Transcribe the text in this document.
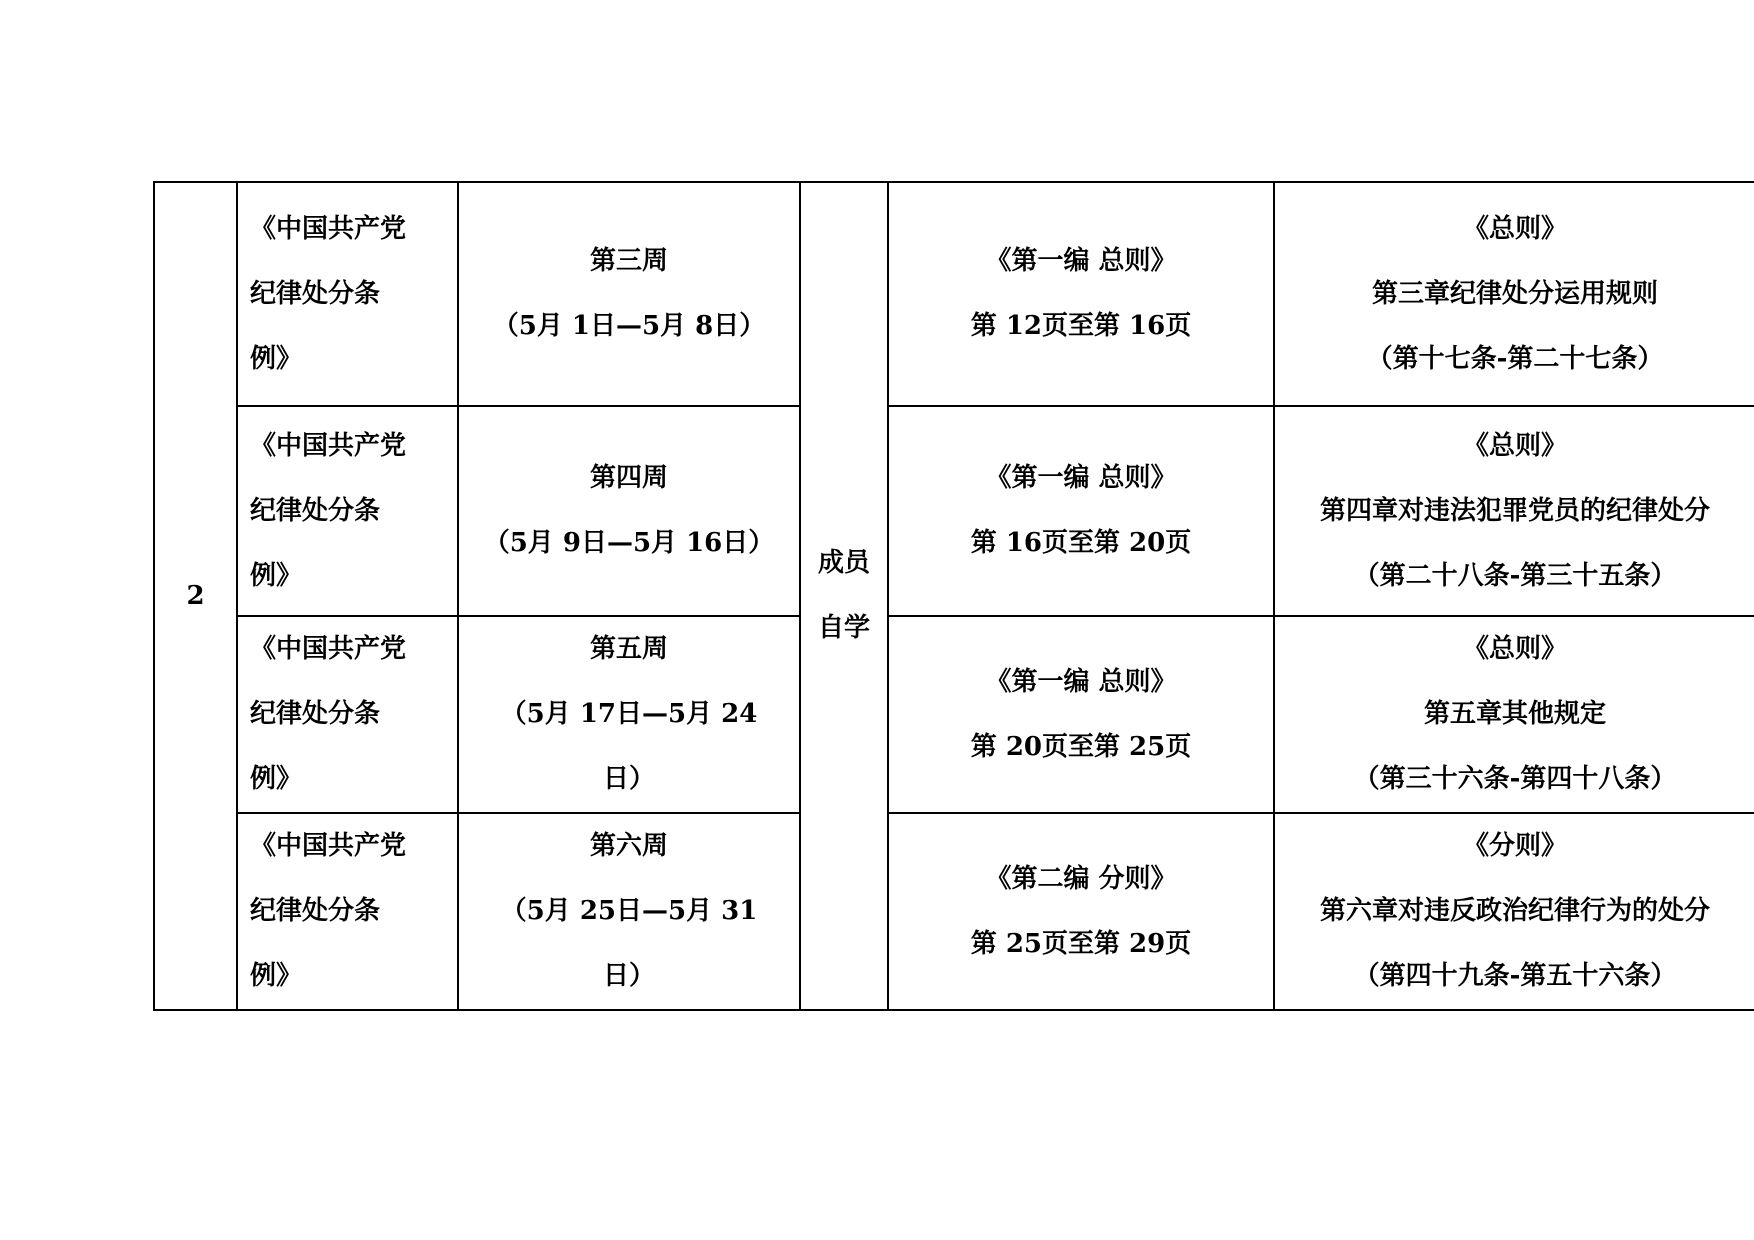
2	《中国共产党
纪律处分条
例》	第三周
（5月 1日—5月 8日）	成员
自学	《第一编 总则》
第 12页至第 16页	《总则》
第三章纪律处分运用规则
（第十七条-第二十七条）

	《中国共产党
纪律处分条
例》	第四周
（5月 9日—5月 16日）		《第一编 总则》
第 16页至第 20页	《总则》
第四章对违法犯罪党员的纪律处分
（第二十八条-第三十五条）

	《中国共产党
纪律处分条
例》	第五周
（5月 17日—5月 24
日）		《第一编 总则》
第 20页至第 25页	《总则》
第五章其他规定
（第三十六条-第四十八条）

	《中国共产党
纪律处分条
例》	第六周
（5月 25日—5月 31
日）		《第二编 分则》
第 25页至第 29页	《分则》
第六章对违反政治纪律行为的处分
（第四十九条-第五十六条）
